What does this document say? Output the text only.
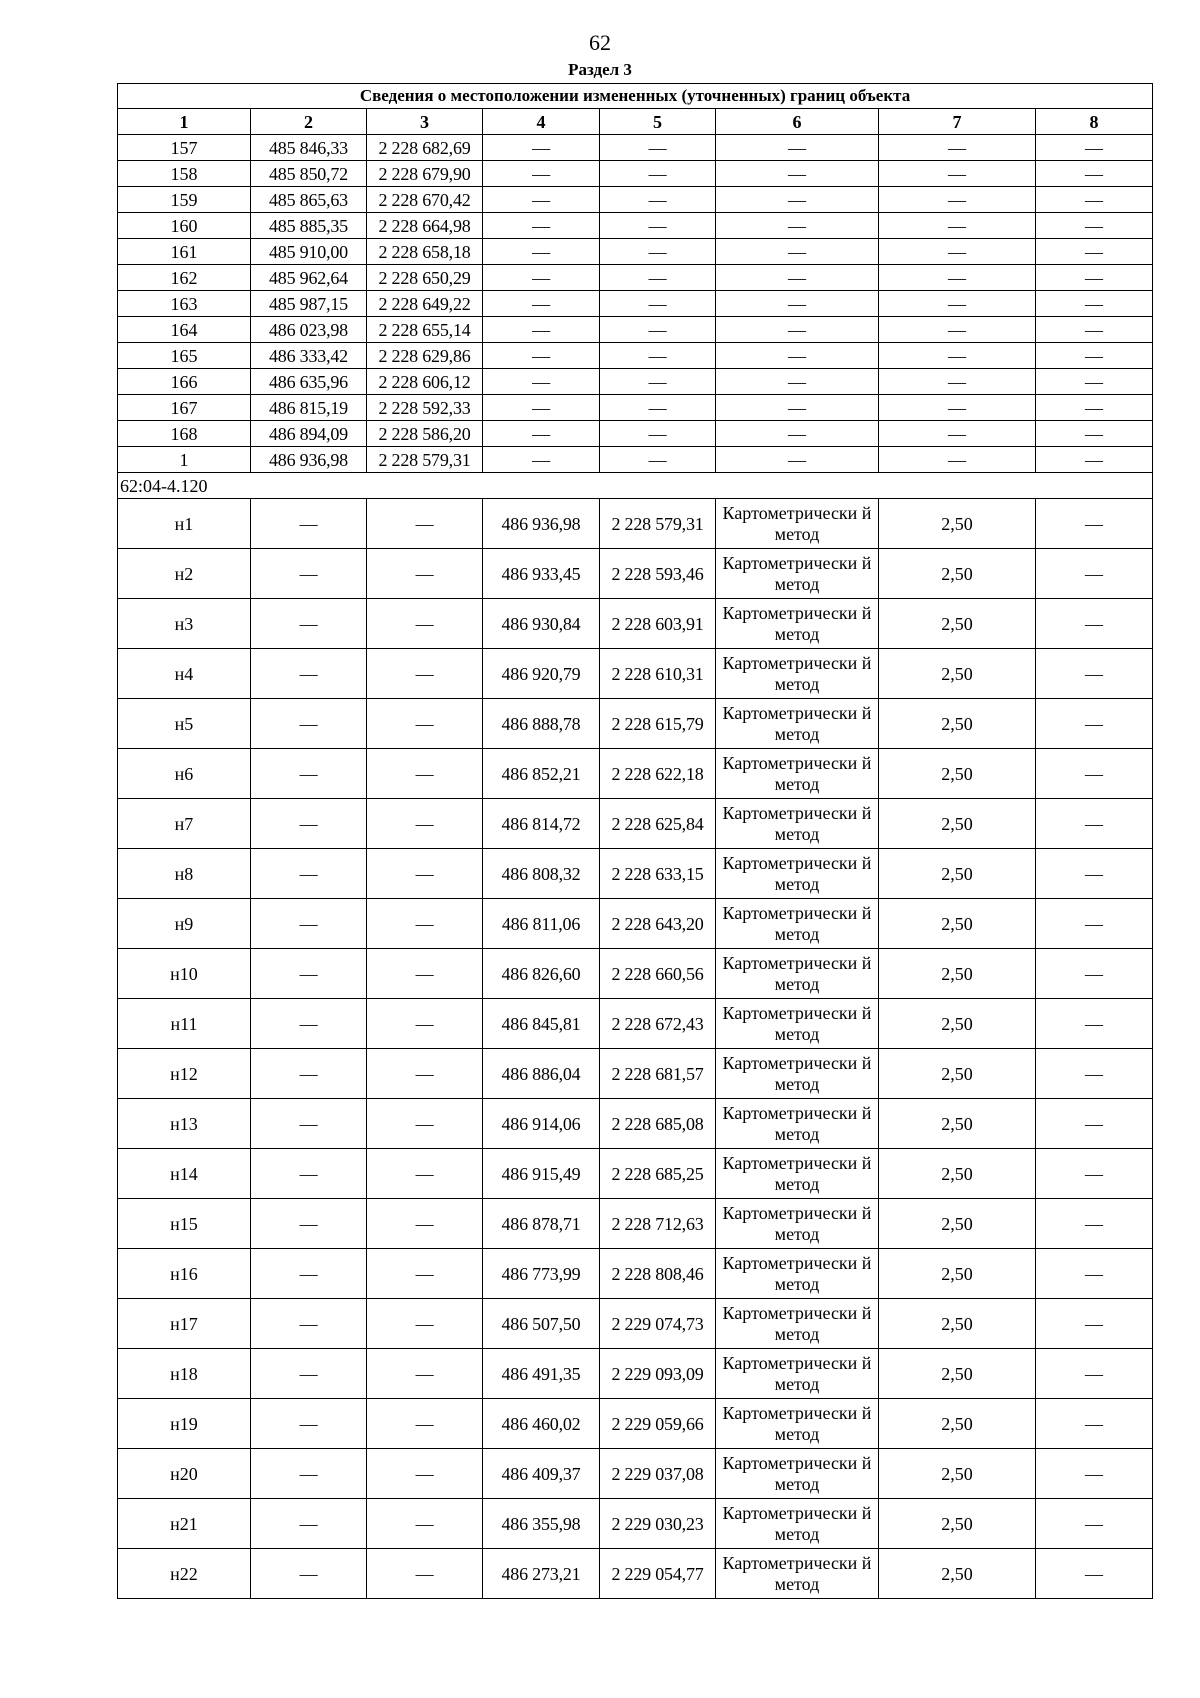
62
Раздел 3
Сведения о местоположении измененных (уточненных) границ объекта							
1	2	3	4	5	6	7	8
157	485 846,33	2 228 682,69	—	—	—	—	—
158	485 850,72	2 228 679,90	—	—	—	—	—
159	485 865,63	2 228 670,42	—	—	—	—	—
160	485 885,35	2 228 664,98	—	—	—	—	—
161	485 910,00	2 228 658,18	—	—	—	—	—
162	485 962,64	2 228 650,29	—	—	—	—	—
163	485 987,15	2 228 649,22	—	—	—	—	—
164	486 023,98	2 228 655,14	—	—	—	—	—
165	486 333,42	2 228 629,86	—	—	—	—	—
166	486 635,96	2 228 606,12	—	—	—	—	—
167	486 815,19	2 228 592,33	—	—	—	—	—
168	486 894,09	2 228 586,20	—	—	—	—	—
1	486 936,98	2 228 579,31	—	—	—	—	—
62:04-4.120							
н1	—	—	486 936,98	2 228 579,31	Картометрически й метод	2,50	—
н2	—	—	486 933,45	2 228 593,46	Картометрически й метод	2,50	—
н3	—	—	486 930,84	2 228 603,91	Картометрически й метод	2,50	—
н4	—	—	486 920,79	2 228 610,31	Картометрически й метод	2,50	—
н5	—	—	486 888,78	2 228 615,79	Картометрически й метод	2,50	—
н6	—	—	486 852,21	2 228 622,18	Картометрически й метод	2,50	—
н7	—	—	486 814,72	2 228 625,84	Картометрически й метод	2,50	—
н8	—	—	486 808,32	2 228 633,15	Картометрически й метод	2,50	—
н9	—	—	486 811,06	2 228 643,20	Картометрически й метод	2,50	—
н10	—	—	486 826,60	2 228 660,56	Картометрически й метод	2,50	—
н11	—	—	486 845,81	2 228 672,43	Картометрически й метод	2,50	—
н12	—	—	486 886,04	2 228 681,57	Картометрически й метод	2,50	—
н13	—	—	486 914,06	2 228 685,08	Картометрически й метод	2,50	—
н14	—	—	486 915,49	2 228 685,25	Картометрически й метод	2,50	—
н15	—	—	486 878,71	2 228 712,63	Картометрически й метод	2,50	—
н16	—	—	486 773,99	2 228 808,46	Картометрически й метод	2,50	—
н17	—	—	486 507,50	2 229 074,73	Картометрически й метод	2,50	—
н18	—	—	486 491,35	2 229 093,09	Картометрически й метод	2,50	—
н19	—	—	486 460,02	2 229 059,66	Картометрически й метод	2,50	—
н20	—	—	486 409,37	2 229 037,08	Картометрически й метод	2,50	—
н21	—	—	486 355,98	2 229 030,23	Картометрически й метод	2,50	—
н22	—	—	486 273,21	2 229 054,77	Картометрически й метод	2,50	—
